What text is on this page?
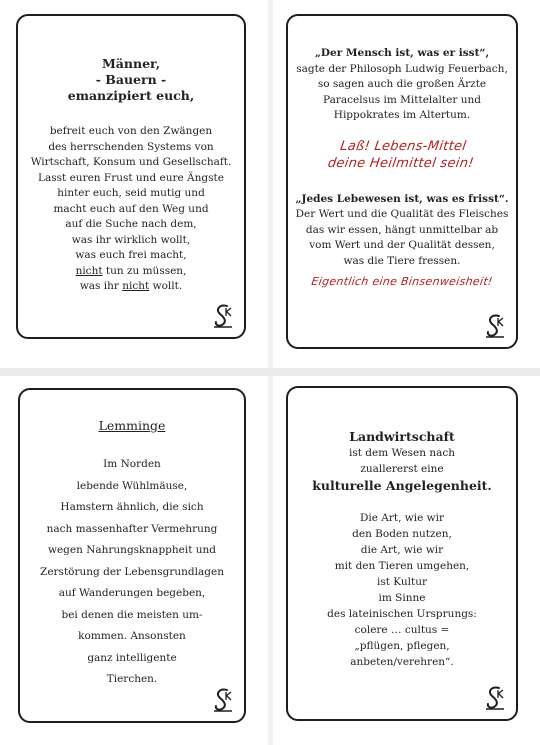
Männer,

- Bauern -

emanzipiert euch,

befreit euch von den Zwängen

des herrschenden Systems von

Wirtschaft, Konsum und Gesellschaft.

Lasst euren Frust und eure Ängste

hinter euch, seid mutig und

macht euch auf den Weg und

auf die Suche nach dem,

was ihr wirklich wollt,

was euch frei macht,

nicht tun zu müssen,

was ihr nicht wollt.

„Der Mensch ist, was er isst“,

sagte der Philosoph Ludwig Feuerbach,

so sagen auch die großen Ärzte

Paracelsus im Mittelalter und

Hippokrates im Altertum.

Laß! Lebens-Mittel

deine Heilmittel sein!

„Jedes Lebewesen ist, was es frisst“.

Der Wert und die Qualität des Fleisches

das wir essen, hängt unmittelbar ab

vom Wert und der Qualität dessen,

was die Tiere fressen.

Eigentlich eine Binsenweisheit!

Lemminge

Im Norden

lebende Wühlmäuse,

Hamstern ähnlich, die sich

nach massenhafter Vermehrung

wegen Nahrungsknappheit und

Zerstörung der Lebensgrundlagen

auf Wanderungen begeben,

bei denen die meisten um-

kommen. Ansonsten

ganz intelligente

Tierchen.

Landwirtschaft

ist dem Wesen nach

zuallererst eine

kulturelle Angelegenheit.

Die Art, wie wir

den Boden nutzen,

die Art, wie wir

mit den Tieren umgehen,

ist Kultur

im Sinne

des lateinischen Ursprungs:

colere … cultus =

„pflügen, pflegen,

anbeten/verehren“.
